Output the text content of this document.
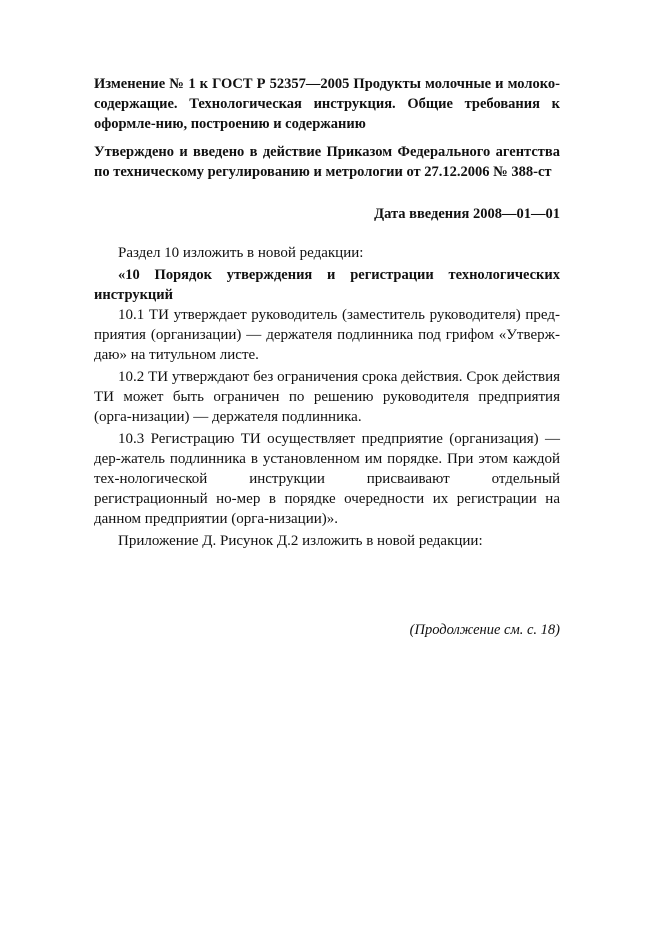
Изменение № 1 к ГОСТ Р 52357—2005 Продукты молочные и молоко-содержащие. Технологическая инструкция. Общие требования к оформле-нию, построению и содержанию

Утверждено и введено в действие Приказом Федерального агентства по техническому регулированию и метрологии от 27.12.2006 № 388-ст

Дата введения 2008—01—01

Раздел 10 изложить в новой редакции:

«10 Порядок утверждения и регистрации технологических инструкций

10.1 ТИ утверждает руководитель (заместитель руководителя) пред-приятия (организации) — держателя подлинника под грифом «Утверж-даю» на титульном листе.

10.2 ТИ утверждают без ограничения срока действия. Срок действия ТИ может быть ограничен по решению руководителя предприятия (орга-низации) — держателя подлинника.

10.3 Регистрацию ТИ осуществляет предприятие (организация) — дер-жатель подлинника в установленном им порядке. При этом каждой тех-нологической инструкции присваивают отдельный регистрационный но-мер в порядке очередности их регистрации на данном предприятии (орга-низации)».

Приложение Д. Рисунок Д.2 изложить в новой редакции:

(Продолжение см. с. 18)
